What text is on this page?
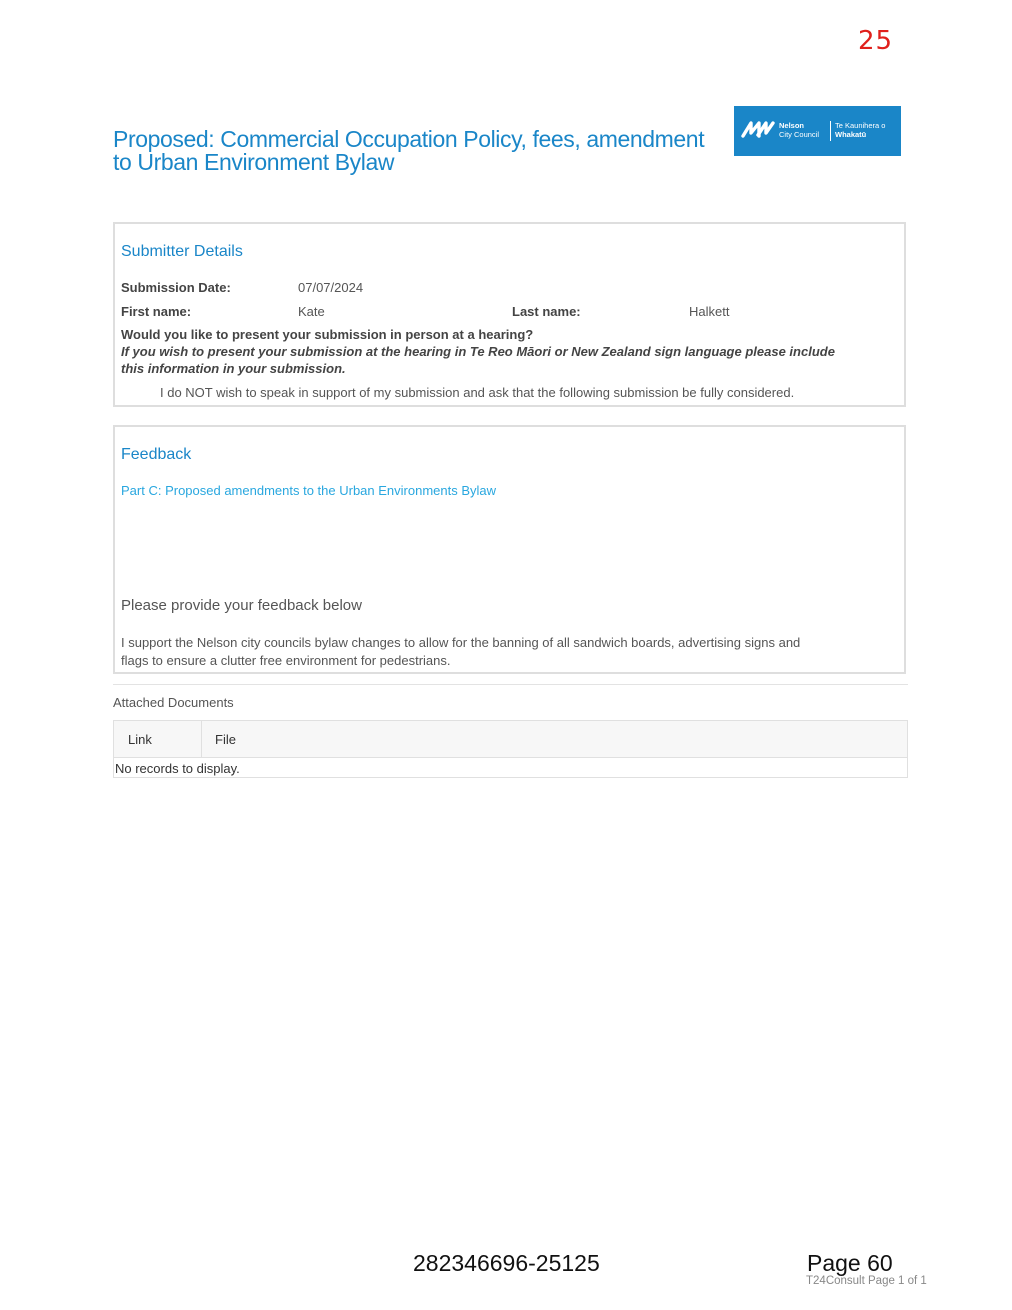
25
Proposed: Commercial Occupation Policy, fees, amendment to Urban Environment Bylaw
Nelson
City Council
Te Kaunihera o
Whakatū
Submitter Details
Submission Date:	07/07/2024
First name:	Kate	Last name:	Halkett
Would you like to present your submission in person at a hearing?
If you wish to present your submission at the hearing in Te Reo Māori or New Zealand sign language please include
this information in your submission.
I do NOT wish to speak in support of my submission and ask that the following submission be fully considered.
Feedback
Part C: Proposed amendments to the Urban Environments Bylaw
Please provide your feedback below
I support the Nelson city councils bylaw changes to allow for the banning of all sandwich boards, advertising signs and
flags to ensure a clutter free environment for pedestrians.
Attached Documents
Link	File
No records to display.
282346696-25125	Page 60
T24Consult Page 1 of 1
